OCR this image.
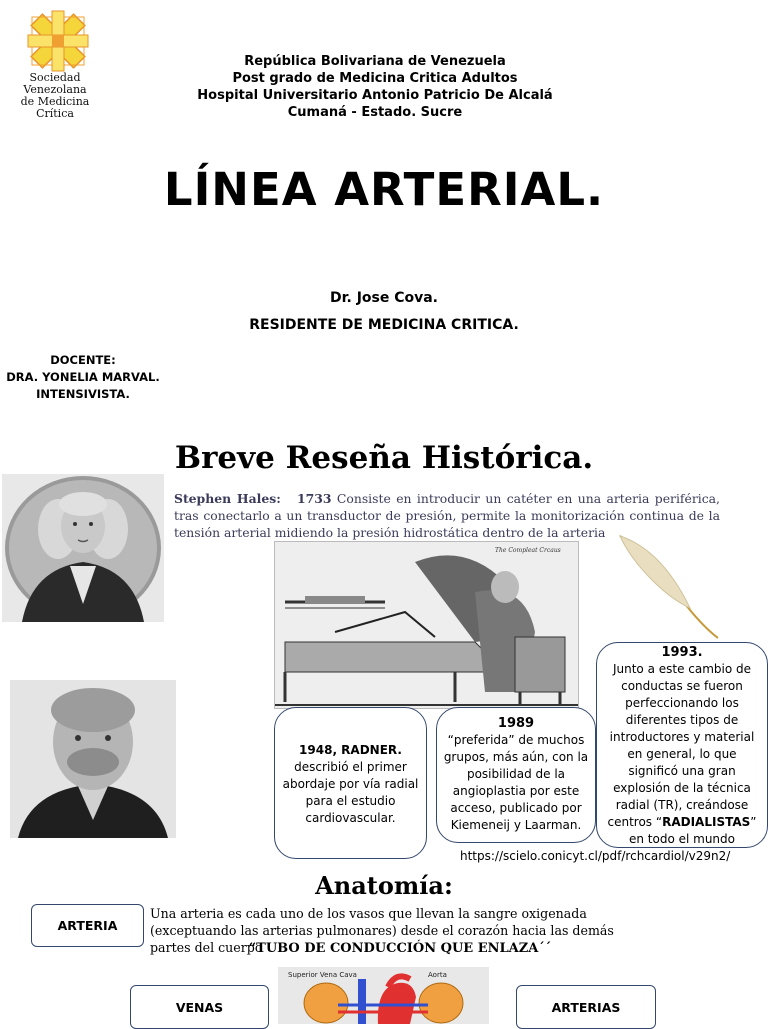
Sociedad Venezolana
de Medicina Crítica
República Bolivariana de Venezuela
Post grado de Medicina Critica Adultos
Hospital Universitario Antonio Patricio De Alcalá
Cumaná - Estado. Sucre
LÍNEA ARTERIAL.
Dr. Jose Cova.
RESIDENTE DE MEDICINA CRITICA.
DOCENTE:
DRA. YONELIA MARVAL.
INTENSIVISTA.
Breve Reseña Histórica.
Stephen Hales: 1733 Consiste en introducir un catéter en una arteria periférica, tras conectarlo a un transductor de presión, permite la monitorización continua de la tensión arterial midiendo la presión hidrostática dentro de la arteria
The Compleat Crcaus
1948, RADNER.
describió el primer abordaje por vía radial para el estudio cardiovascular.
1989
“preferida” de muchos grupos, más aún, con la posibilidad de la angioplastia por este acceso, publicado por Kiemeneij y Laarman.
1993.
Junto a este cambio de conductas se fueron perfeccionando los diferentes tipos de introductores y material en general, lo que significó una gran explosión de la técnica radial (TR), creándose centros “RADIALISTAS” en todo el mundo
https://scielo.conicyt.cl/pdf/rchcardiol/v29n2/
Anatomía:
ARTERIA
Una arteria es cada uno de los vasos que llevan la sangre oxigenada (exceptuando las arterias pulmonares) desde el corazón hacia las demás partes del cuerpo
“TUBO DE CONDUCCIÓN QUE ENLAZA´´
VENAS	ARTERIAS
Superior Vena Cava	Aorta
